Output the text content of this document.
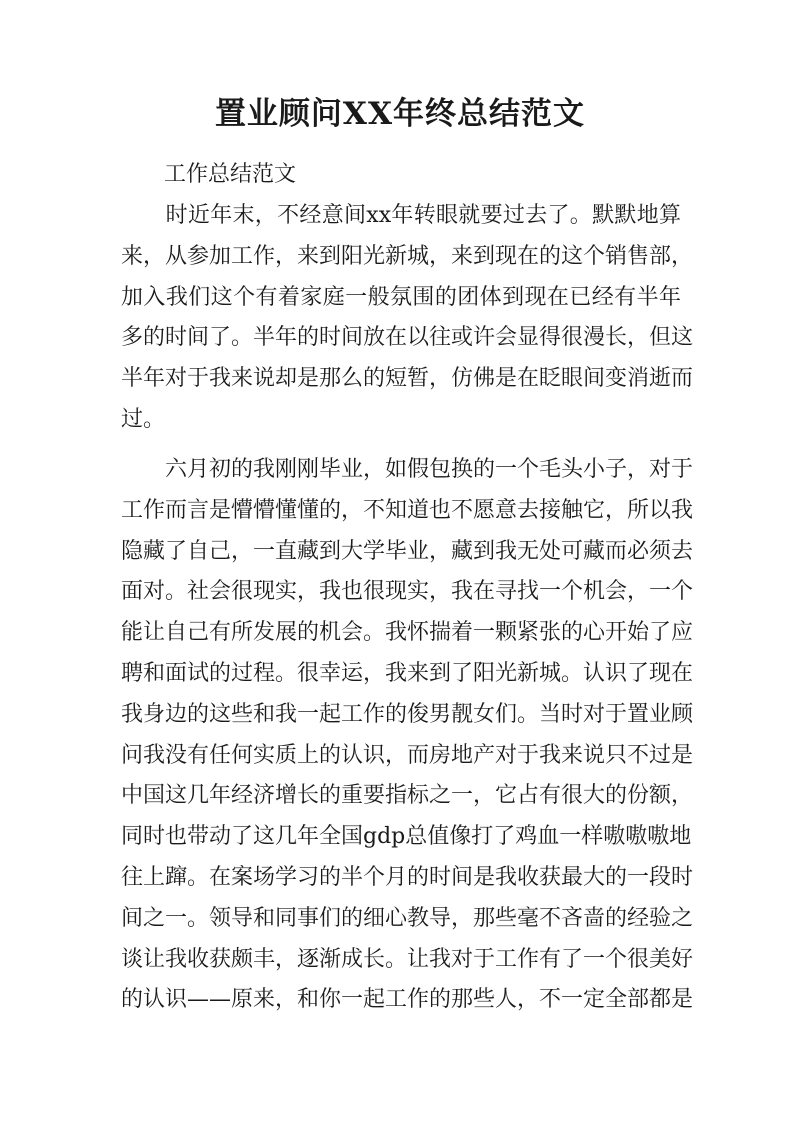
置业顾问XX年终总结范文
工作总结范文
　　时近年末，不经意间xx年转眼就要过去了。默默地算
来，从参加工作，来到阳光新城，来到现在的这个销售部，
加入我们这个有着家庭一般氛围的团体到现在已经有半年
多的时间了。半年的时间放在以往或许会显得很漫长，但这
半年对于我来说却是那么的短暂，仿佛是在眨眼间变消逝而
过。
　　六月初的我刚刚毕业，如假包换的一个毛头小子，对于
工作而言是懵懵懂懂的，不知道也不愿意去接触它，所以我
隐藏了自己，一直藏到大学毕业，藏到我无处可藏而必须去
面对。社会很现实，我也很现实，我在寻找一个机会，一个
能让自己有所发展的机会。我怀揣着一颗紧张的心开始了应
聘和面试的过程。很幸运，我来到了阳光新城。认识了现在
我身边的这些和我一起工作的俊男靓女们。当时对于置业顾
问我没有任何实质上的认识，而房地产对于我来说只不过是
中国这几年经济增长的重要指标之一，它占有很大的份额，
同时也带动了这几年全国gdp总值像打了鸡血一样嗷嗷嗷地
往上蹿。在案场学习的半个月的时间是我收获最大的一段时
间之一。领导和同事们的细心教导，那些毫不吝啬的经验之
谈让我收获颇丰，逐渐成长。让我对于工作有了一个很美好
的认识——原来，和你一起工作的那些人，不一定全部都是
